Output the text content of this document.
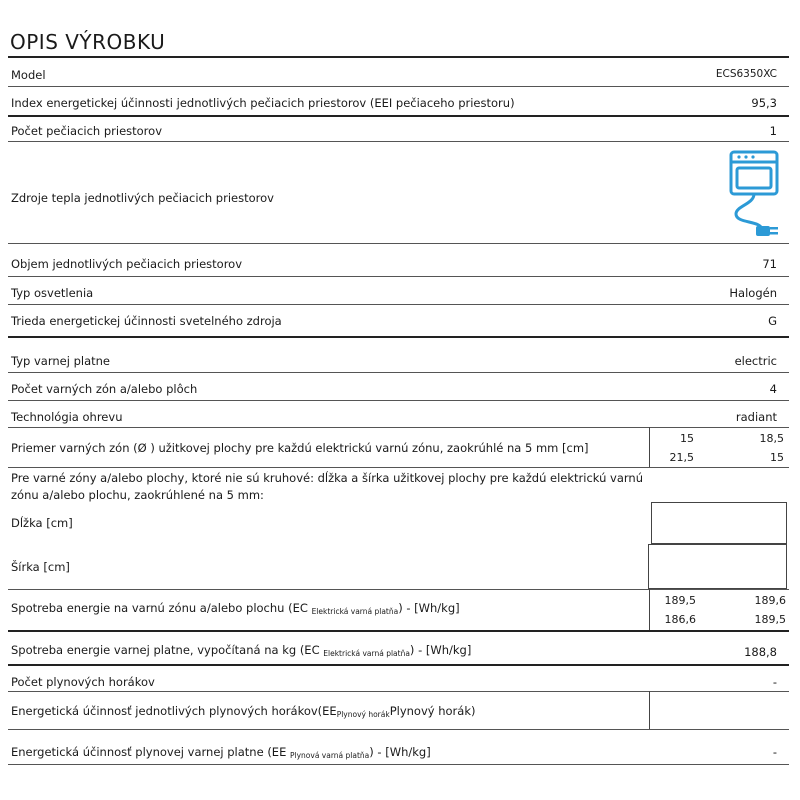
OPIS VÝROBKU
Model	ECS6350XC
Index energetickej účinnosti jednotlivých pečiacich priestorov (EEI pečiaceho priestoru)	95,3
Počet pečiacich priestorov	1
Zdroje tepla jednotlivých pečiacich priestorov
Objem jednotlivých pečiacich priestorov	71
Typ osvetlenia	Halogén
Trieda energetickej účinnosti svetelného zdroja	G
Typ varnej platne	electric
Počet varných zón a/alebo plôch	4
Technológia ohrevu	radiant
Priemer varných zón (Ø ) užitkovej plochy pre každú elektrickú varnú zónu, zaokrúhlé na 5 mm [cm]
15	18,5
21,5	15
Pre varné zóny a/alebo plochy, ktoré nie sú kruhové: dĺžka a šírka užitkovej plochy pre každú elektrickú varnú zónu a/alebo plochu, zaokrúhlené na 5 mm:
Dĺžka [cm]
Šírka [cm]
Spotreba energie na varnú zónu a/alebo plochu (EC $_{Elektrická varná platňa}$) - [Wh/kg]
189,5	189,6
186,6	189,5
Spotreba energie varnej platne, vypočítaná na kg (EC $_{Elektrická varná platňa}$) - [Wh/kg]	188,8
Počet plynových horákov	-
Energetická účinnosť jednotlivých plynových $horákov(EE_{Plynový horák}Plynový$ horák)
Energetická účinnosť plynovej varnej platne (EE $_{Plynová varná platňa}$) - [Wh/kg]	-
